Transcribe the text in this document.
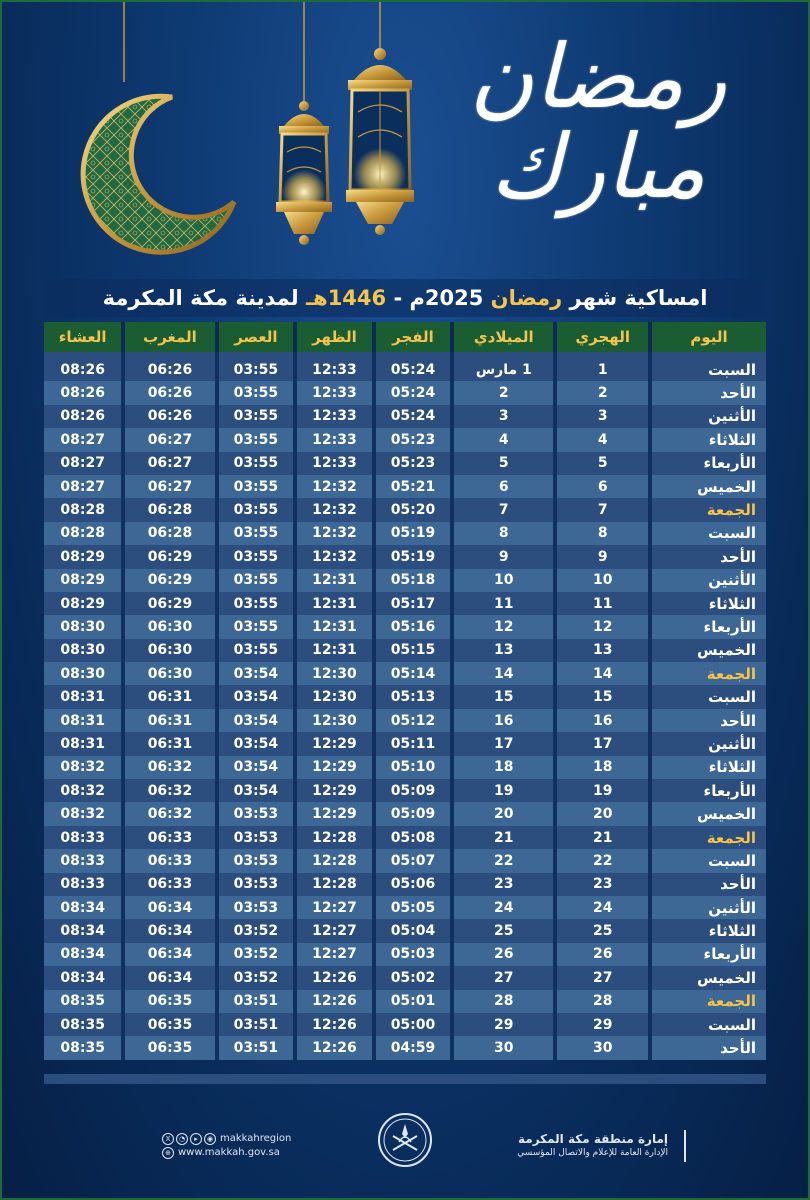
رمضان مبارك
امساكية شهر رمضان 2025م - 1446هـ لمدينة مكة المكرمة
اليوم	الهجري	الميلادي	الفجر	الظهر	العصر	المغرب	العشاء
السبت	1	1 مارس	05:24	12:33	03:55	06:26	08:26
الأحد	2	2	05:24	12:33	03:55	06:26	08:26
الأثنين	3	3	05:24	12:33	03:55	06:26	08:26
الثلاثاء	4	4	05:23	12:33	03:55	06:27	08:27
الأربعاء	5	5	05:23	12:33	03:55	06:27	08:27
الخميس	6	6	05:21	12:32	03:55	06:27	08:27
الجمعة	7	7	05:20	12:32	03:55	06:28	08:28
السبت	8	8	05:19	12:32	03:55	06:28	08:28
الأحد	9	9	05:19	12:32	03:55	06:29	08:29
الأثنين	10	10	05:18	12:31	03:55	06:29	08:29
الثلاثاء	11	11	05:17	12:31	03:55	06:29	08:29
الأربعاء	12	12	05:16	12:31	03:55	06:30	08:30
الخميس	13	13	05:15	12:31	03:55	06:30	08:30
الجمعة	14	14	05:14	12:30	03:54	06:30	08:30
السبت	15	15	05:13	12:30	03:54	06:31	08:31
الأحد	16	16	05:12	12:30	03:54	06:31	08:31
الأثنين	17	17	05:11	12:29	03:54	06:31	08:31
الثلاثاء	18	18	05:10	12:29	03:54	06:32	08:32
الأربعاء	19	19	05:09	12:29	03:54	06:32	08:32
الخميس	20	20	05:09	12:29	03:53	06:32	08:32
الجمعة	21	21	05:08	12:28	03:53	06:33	08:33
السبت	22	22	05:07	12:28	03:53	06:33	08:33
الأحد	23	23	05:06	12:28	03:53	06:33	08:33
الأثنين	24	24	05:05	12:27	03:53	06:34	08:34
الثلاثاء	25	25	05:04	12:27	03:52	06:34	08:34
الأربعاء	26	26	05:03	12:27	03:52	06:34	08:34
الخميس	27	27	05:02	12:26	03:52	06:34	08:34
الجمعة	28	28	05:01	12:26	03:51	06:35	08:35
السبت	29	29	05:00	12:26	03:51	06:35	08:35
الأحد	30	30	04:59	12:26	03:51	06:35	08:35
X	◔	▸	◉ makkahregion
⊕ www.makkah.gov.sa
إمارة منطقة مكة المكرمة
الإدارة العامة للإعلام والاتصال المؤسسي
